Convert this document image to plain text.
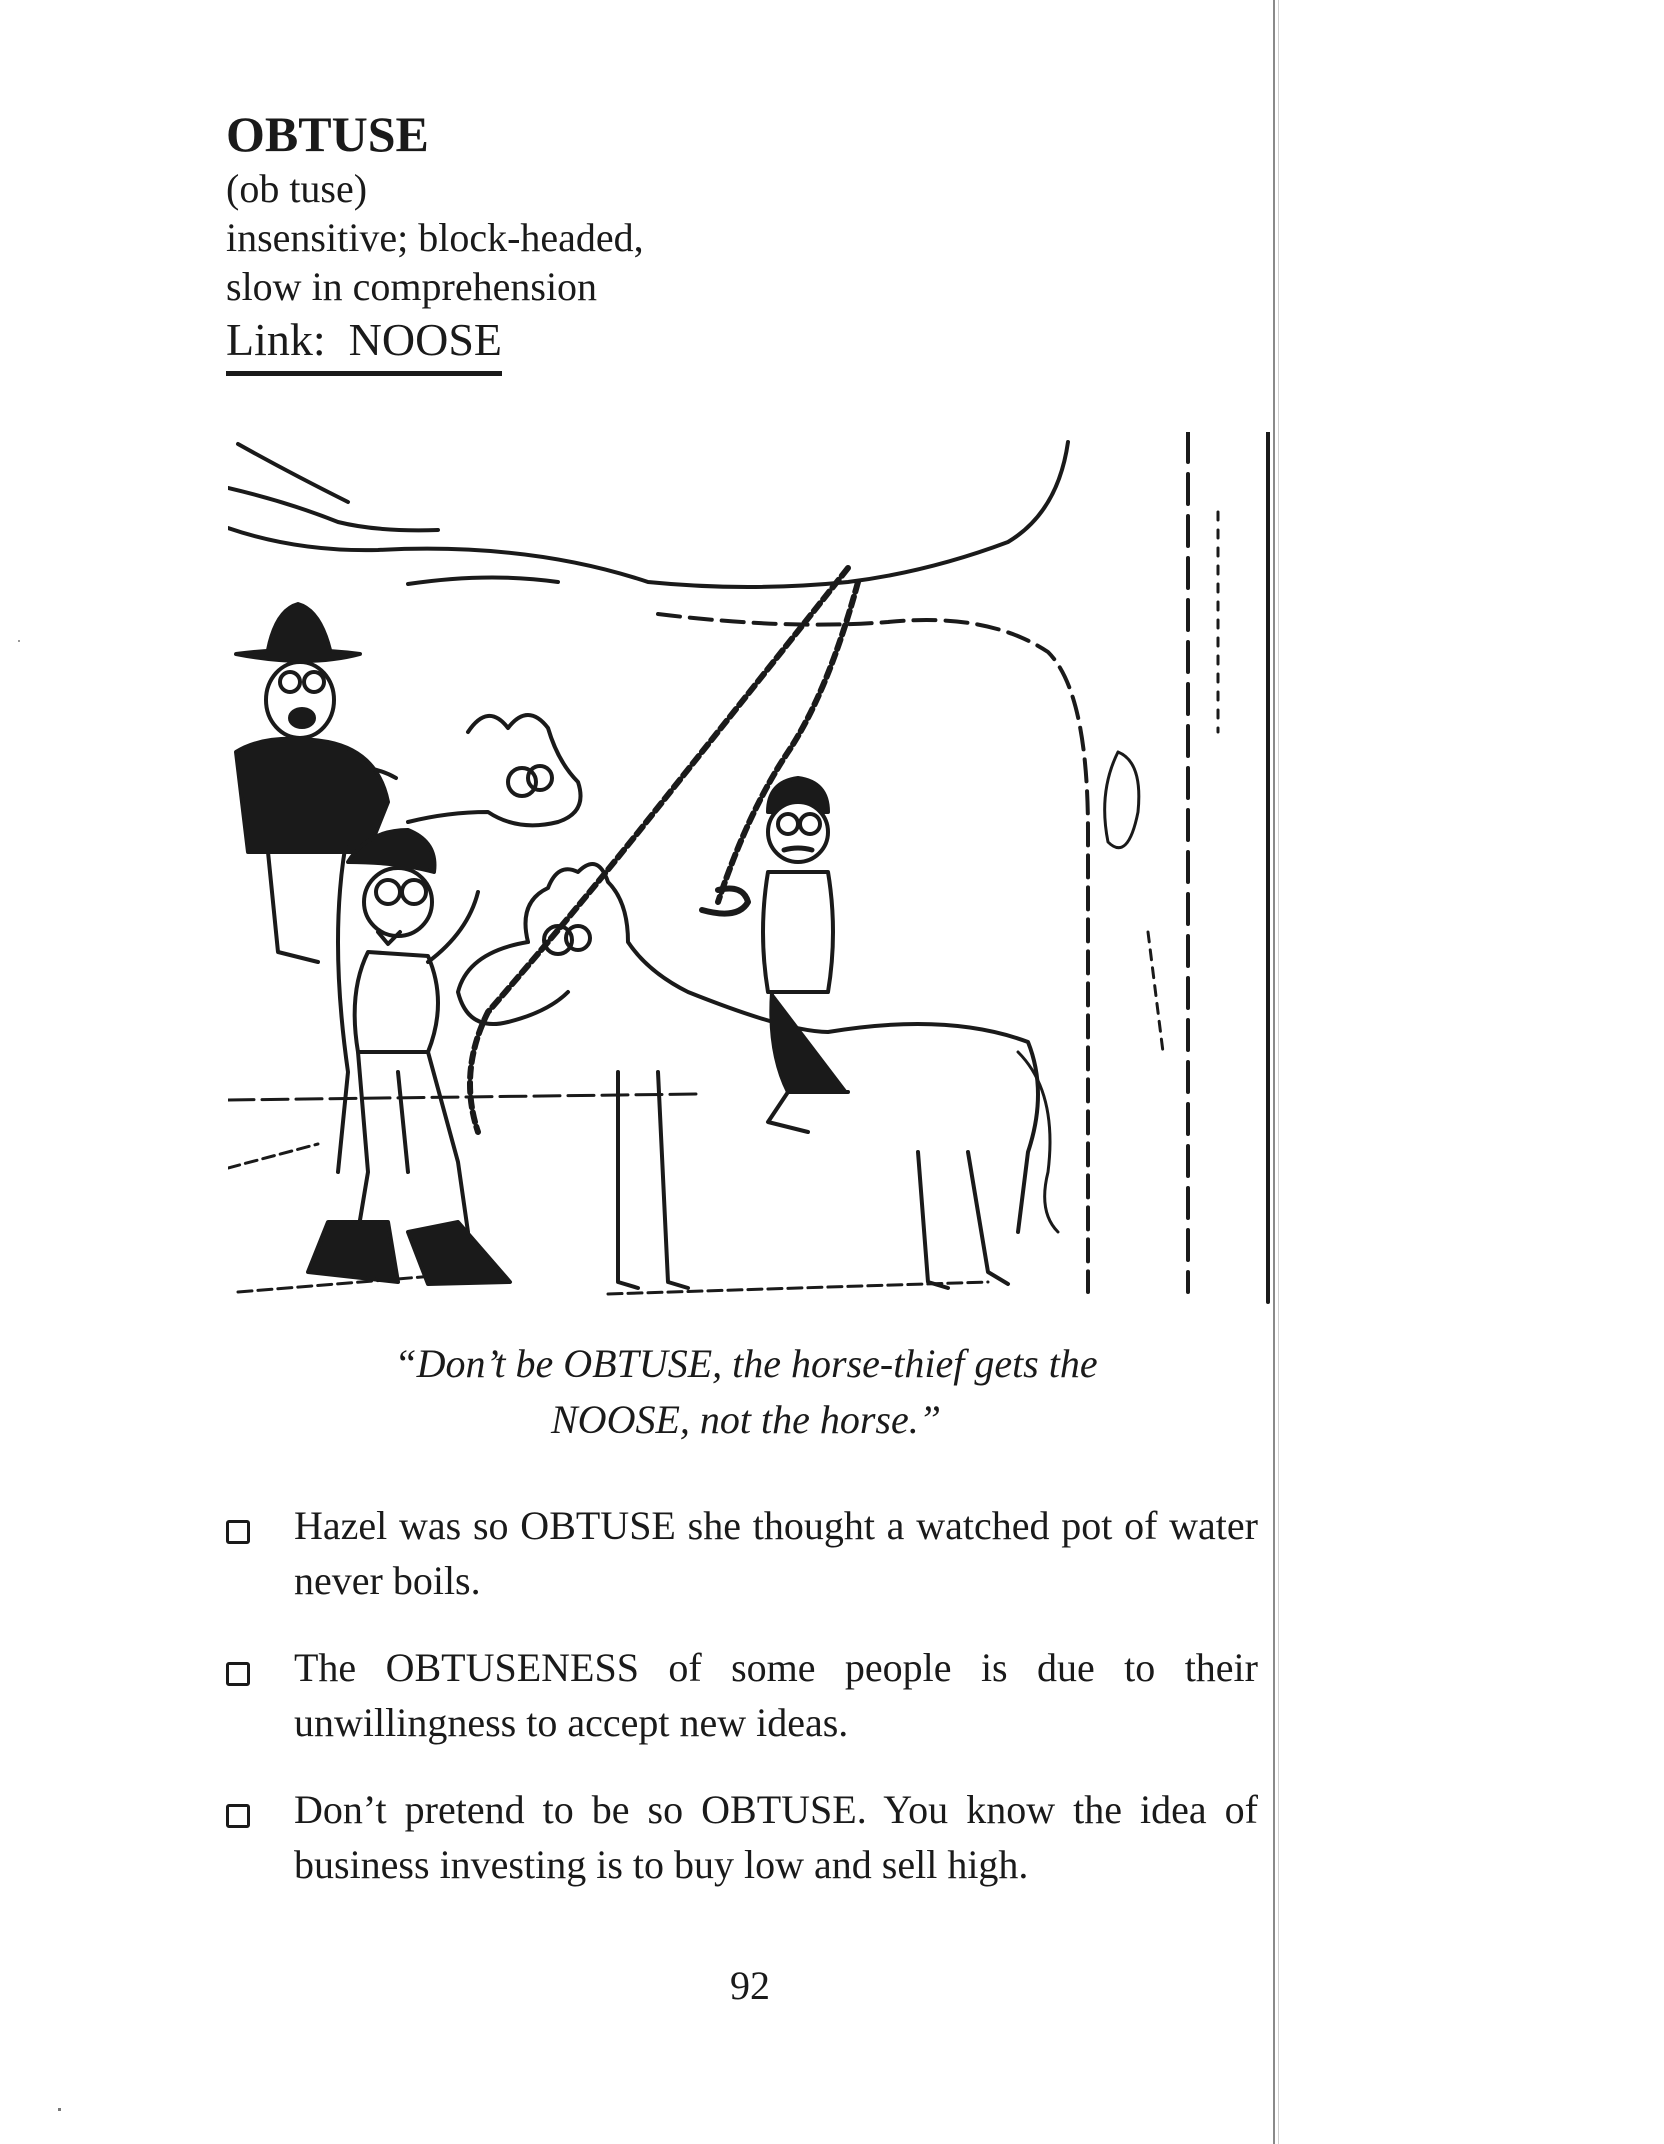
OBTUSE
(ob tuse)
insensitive; block-headed,
slow in comprehension
Link: NOOSE
“Don’t be OBTUSE, the horse-thief gets the
NOOSE, not the horse.”
Hazel was so OBTUSE she thought a watched pot of water never boils.
The OBTUSENESS of some people is due to their unwillingness to accept new ideas.
Don’t pretend to be so OBTUSE. You know the idea of business investing is to buy low and sell high.
92
